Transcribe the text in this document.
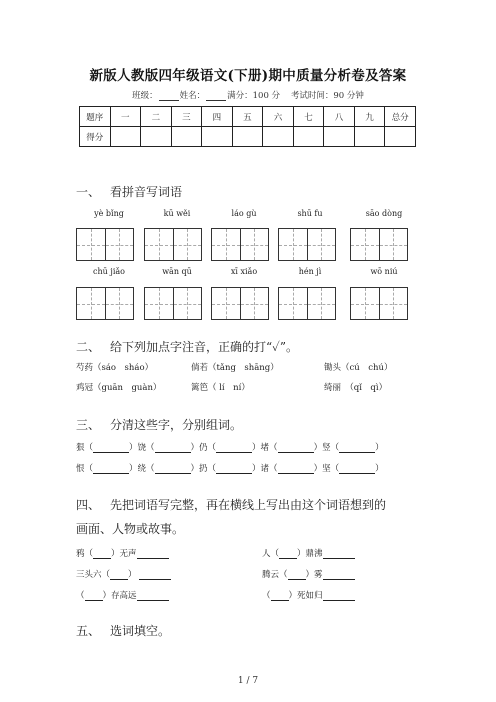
新版人教版四年级语文(下册)期中质量分析卷及答案
班级：	姓名：	满分：100 分 考试时间：90 分钟
题序	一	二	三	四	五	六	七	八	九	总分
得分										
一、 看拼音写词语
yè bǐng	kū wěi	láo gù	shū fu	sāo dòng
chū jiǎo	wān qū	xī xiǎo	hén jì	wō niú
二、 给下列加点字注音，正确的打“✓”。
芍药（sáo　sháo）	倘若（tǎng　shāng）	锄头（cú　chú）
鸡冠（guān　guàn）	篱笆（ lí　ní）	绮丽　（qǐ　qì）
三、 分清这些字，分别组词。
狠（	）饶（	）仍（	）堵（	）竖（	）
恨（	）绕（	）扔（	）诸（	）坚（	）
四、 先把词语写完整，再在横线上写出由这个词语想到的
画面、人物或故事。
鸦（ ）无声	人（ ）鼎沸
三头六（ ）	腾云（ ）雾
（ ）存高远	（ ）死如归
五、 选词填空。
1 / 7
